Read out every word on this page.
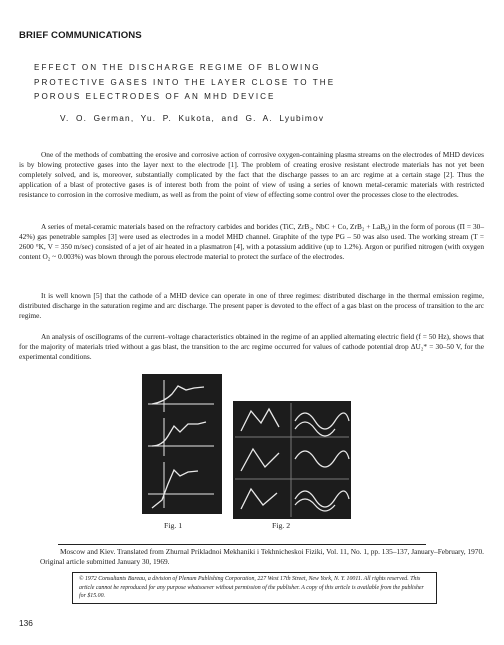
BRIEF COMMUNICATIONS
EFFECT ON THE DISCHARGE REGIME OF BLOWING
PROTECTIVE GASES INTO THE LAYER CLOSE TO THE
POROUS ELECTRODES OF AN MHD DEVICE
V. O. German, Yu. P. Kukota, and G. A. Lyubimov

One of the methods of combatting the erosive and corrosive action of corrosive oxygen-containing plasma streams on the electrodes of MHD devices is by blowing protective gases into the layer next to the electrode [1]. The problem of creating erosive resistant electrode materials has not yet been completely solved, and is, moreover, substantially complicated by the fact that the discharge passes to an arc regime at a certain stage [2]. Thus the application of a blast of protective gases is of interest both from the point of view of using a series of known metal-ceramic materials with restricted resistance to corrosion in the corrosive medium, as well as from the point of view of effecting some control over the processes close to the electrodes.

A series of metal-ceramic materials based on the refractory carbides and borides (TiC, ZrB₂, NbC + Co, ZrB₂ + LaB₆) in the form of porous (Π = 30–42%) gas penetrable samples [3] were used as electrodes in a model MHD channel. Graphite of the type PG – 50 was also used. The working stream (T = 2600 °K, V = 350 m/sec) consisted of a jet of air heated in a plasmatron [4], with a potassium additive (up to 1.2%). Argon or purified nitrogen (with oxygen content O₂ ~ 0.003%) was blown through the porous electrode material to protect the surface of the electrodes.

It is well known [5] that the cathode of a MHD device can operate in one of three regimes: distributed discharge in the thermal emission regime, distributed discharge in the saturation regime and arc discharge. The present paper is devoted to the effect of a gas blast on the process of transition to the arc regime.

An analysis of oscillograms of the current–voltage characteristics obtained in the regime of an applied alternating electric field (f = 50 Hz), shows that for the majority of materials tried without a gas blast, the transition to the arc regime occurred for values of cathode potential drop ΔU₂* = 30–50 V, for the experimental conditions.

Fig. 1	Fig. 2
Moscow and Kiev. Translated from Zhurnal Prikladnoi Mekhaniki i Tekhnicheskoi Fiziki, Vol. 11, No. 1, pp. 135–137, January–February, 1970. Original article submitted January 30, 1969.
© 1972 Consultants Bureau, a division of Plenum Publishing Corporation, 227 West 17th Street, New York, N. Y. 10011. All rights reserved. This article cannot be reproduced for any purpose whatsoever without permission of the publisher. A copy of this article is available from the publisher for $15.00.
136
